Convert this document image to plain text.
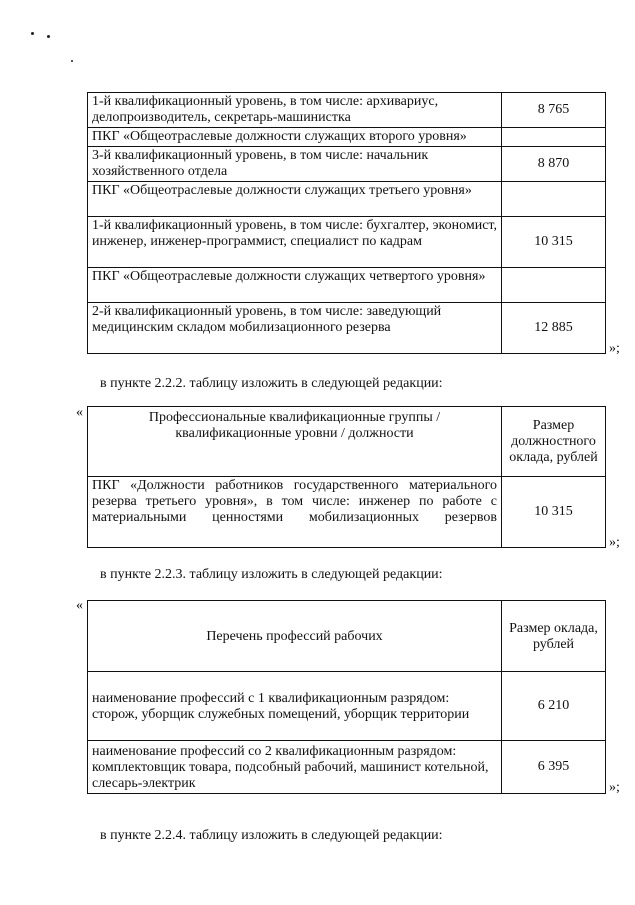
1-й квалификационный уровень, в том числе: архивариус, делопроизводитель, секретарь-машинистка	8 765
ПКГ «Общеотраслевые должности служащих второго уровня»	
3-й квалификационный уровень, в том числе: начальник хозяйственного отдела	8 870
ПКГ «Общеотраслевые должности служащих третьего уровня»	
1-й квалификационный уровень, в том числе: бухгалтер, экономист, инженер, инженер-программист, специалист по кадрам	10 315
ПКГ «Общеотраслевые должности служащих четвертого уровня»	
2-й квалификационный уровень, в том числе: заведующий медицинским складом мобилизационного резерва	12 885
»;
в пункте 2.2.2. таблицу изложить в следующей редакции:
«	Профессиональные квалификационные группы / квалификационные уровни / должности	Размер должностного оклада, рублей
ПКГ «Должности работников государственного материального резерва третьего уровня», в том числе: инженер по работе с материальными ценностями мобилизационных резервов	10 315
»;
в пункте 2.2.3. таблицу изложить в следующей редакции:
«
Перечень профессий рабочих	Размер оклада, рублей
наименование профессий с 1 квалификационным разрядом: сторож, уборщик служебных помещений, уборщик территории	6 210
наименование профессий со 2 квалификационным разрядом: комплектовщик товара, подсобный рабочий, машинист котельной, слесарь-электрик	6 395
»;
в пункте 2.2.4. таблицу изложить в следующей редакции:
